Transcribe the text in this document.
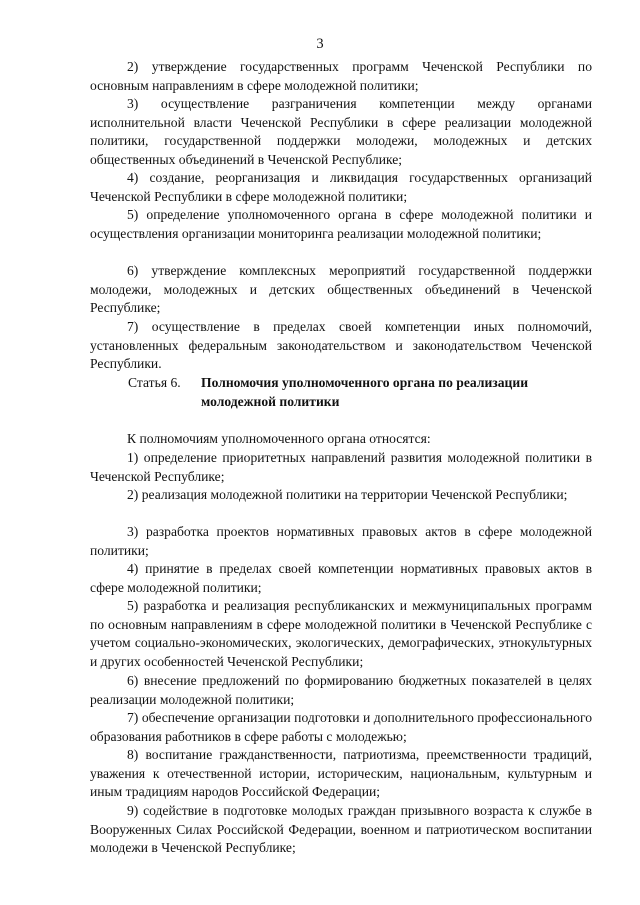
3

2) утверждение государственных программ Чеченской Республики по основным направлениям в сфере молодежной политики;

3) осуществление разграничения компетенции между органами исполнительной власти Чеченской Республики в сфере реализации молодежной политики, государственной поддержки молодежи, молодежных и детских общественных объединений в Чеченской Республике;

4) создание, реорганизация и ликвидация государственных организаций Чеченской Республики в сфере молодежной политики;

5) определение уполномоченного органа в сфере молодежной политики и осуществления организации мониторинга реализации молодежной политики;

6) утверждение комплексных мероприятий государственной поддержки молодежи, молодежных и детских общественных объединений в Чеченской Республике;

7) осуществление в пределах своей компетенции иных полномочий, установленных федеральным законодательством и законодательством Чеченской Республики.

Статья 6. Полномочия уполномоченного органа по реализации
молодежной политики

К полномочиям уполномоченного органа относятся:

1) определение приоритетных направлений развития молодежной политики в Чеченской Республике;

2) реализация молодежной политики на территории Чеченской Республики;

3) разработка проектов нормативных правовых актов в сфере молодежной политики;

4) принятие в пределах своей компетенции нормативных правовых актов в сфере молодежной политики;

5) разработка и реализация республиканских и межмуниципальных программ по основным направлениям в сфере молодежной политики в Чеченской Республике с учетом социально-экономических, экологических, демографических, этнокультурных и других особенностей Чеченской Республики;

6) внесение предложений по формированию бюджетных показателей в целях реализации молодежной политики;

7) обеспечение организации подготовки и дополнительного профессионального образования работников в сфере работы с молодежью;

8) воспитание гражданственности, патриотизма, преемственности традиций, уважения к отечественной истории, историческим, национальным, культурным и иным традициям народов Российской Федерации;

9) содействие в подготовке молодых граждан призывного возраста к службе в Вооруженных Силах Российской Федерации, военном и патриотическом воспитании молодежи в Чеченской Республике;
